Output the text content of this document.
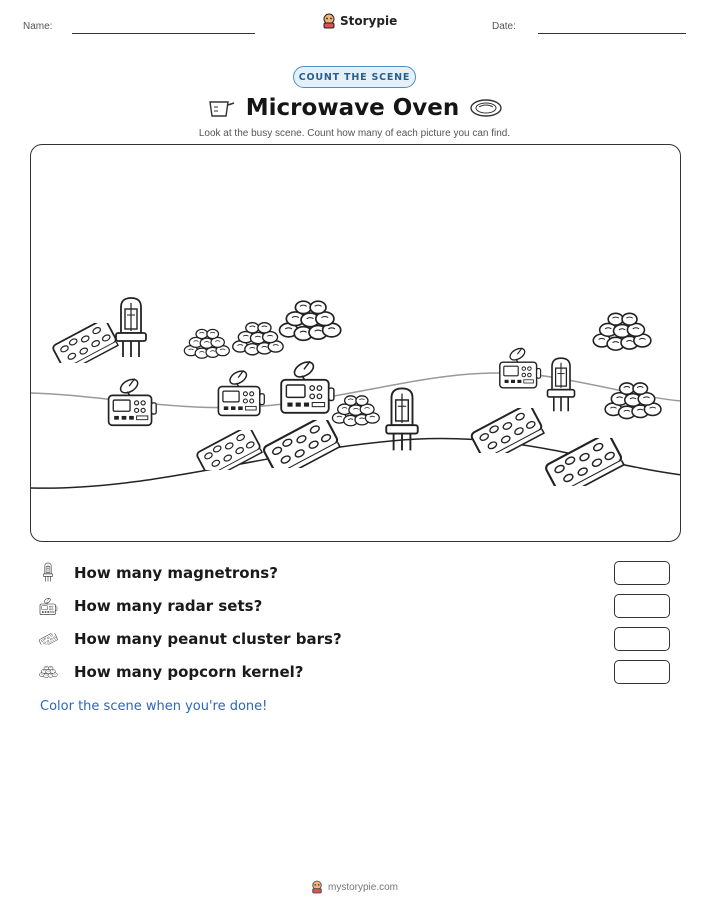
Name:	Storypie	Date:
COUNT THE SCENE
Microwave Oven
Look at the busy scene. Count how many of each picture you can find.
How many magnetrons?
How many radar sets?
How many peanut cluster bars?
How many popcorn kernel?
Color the scene when you're done!
mystorypie.com
